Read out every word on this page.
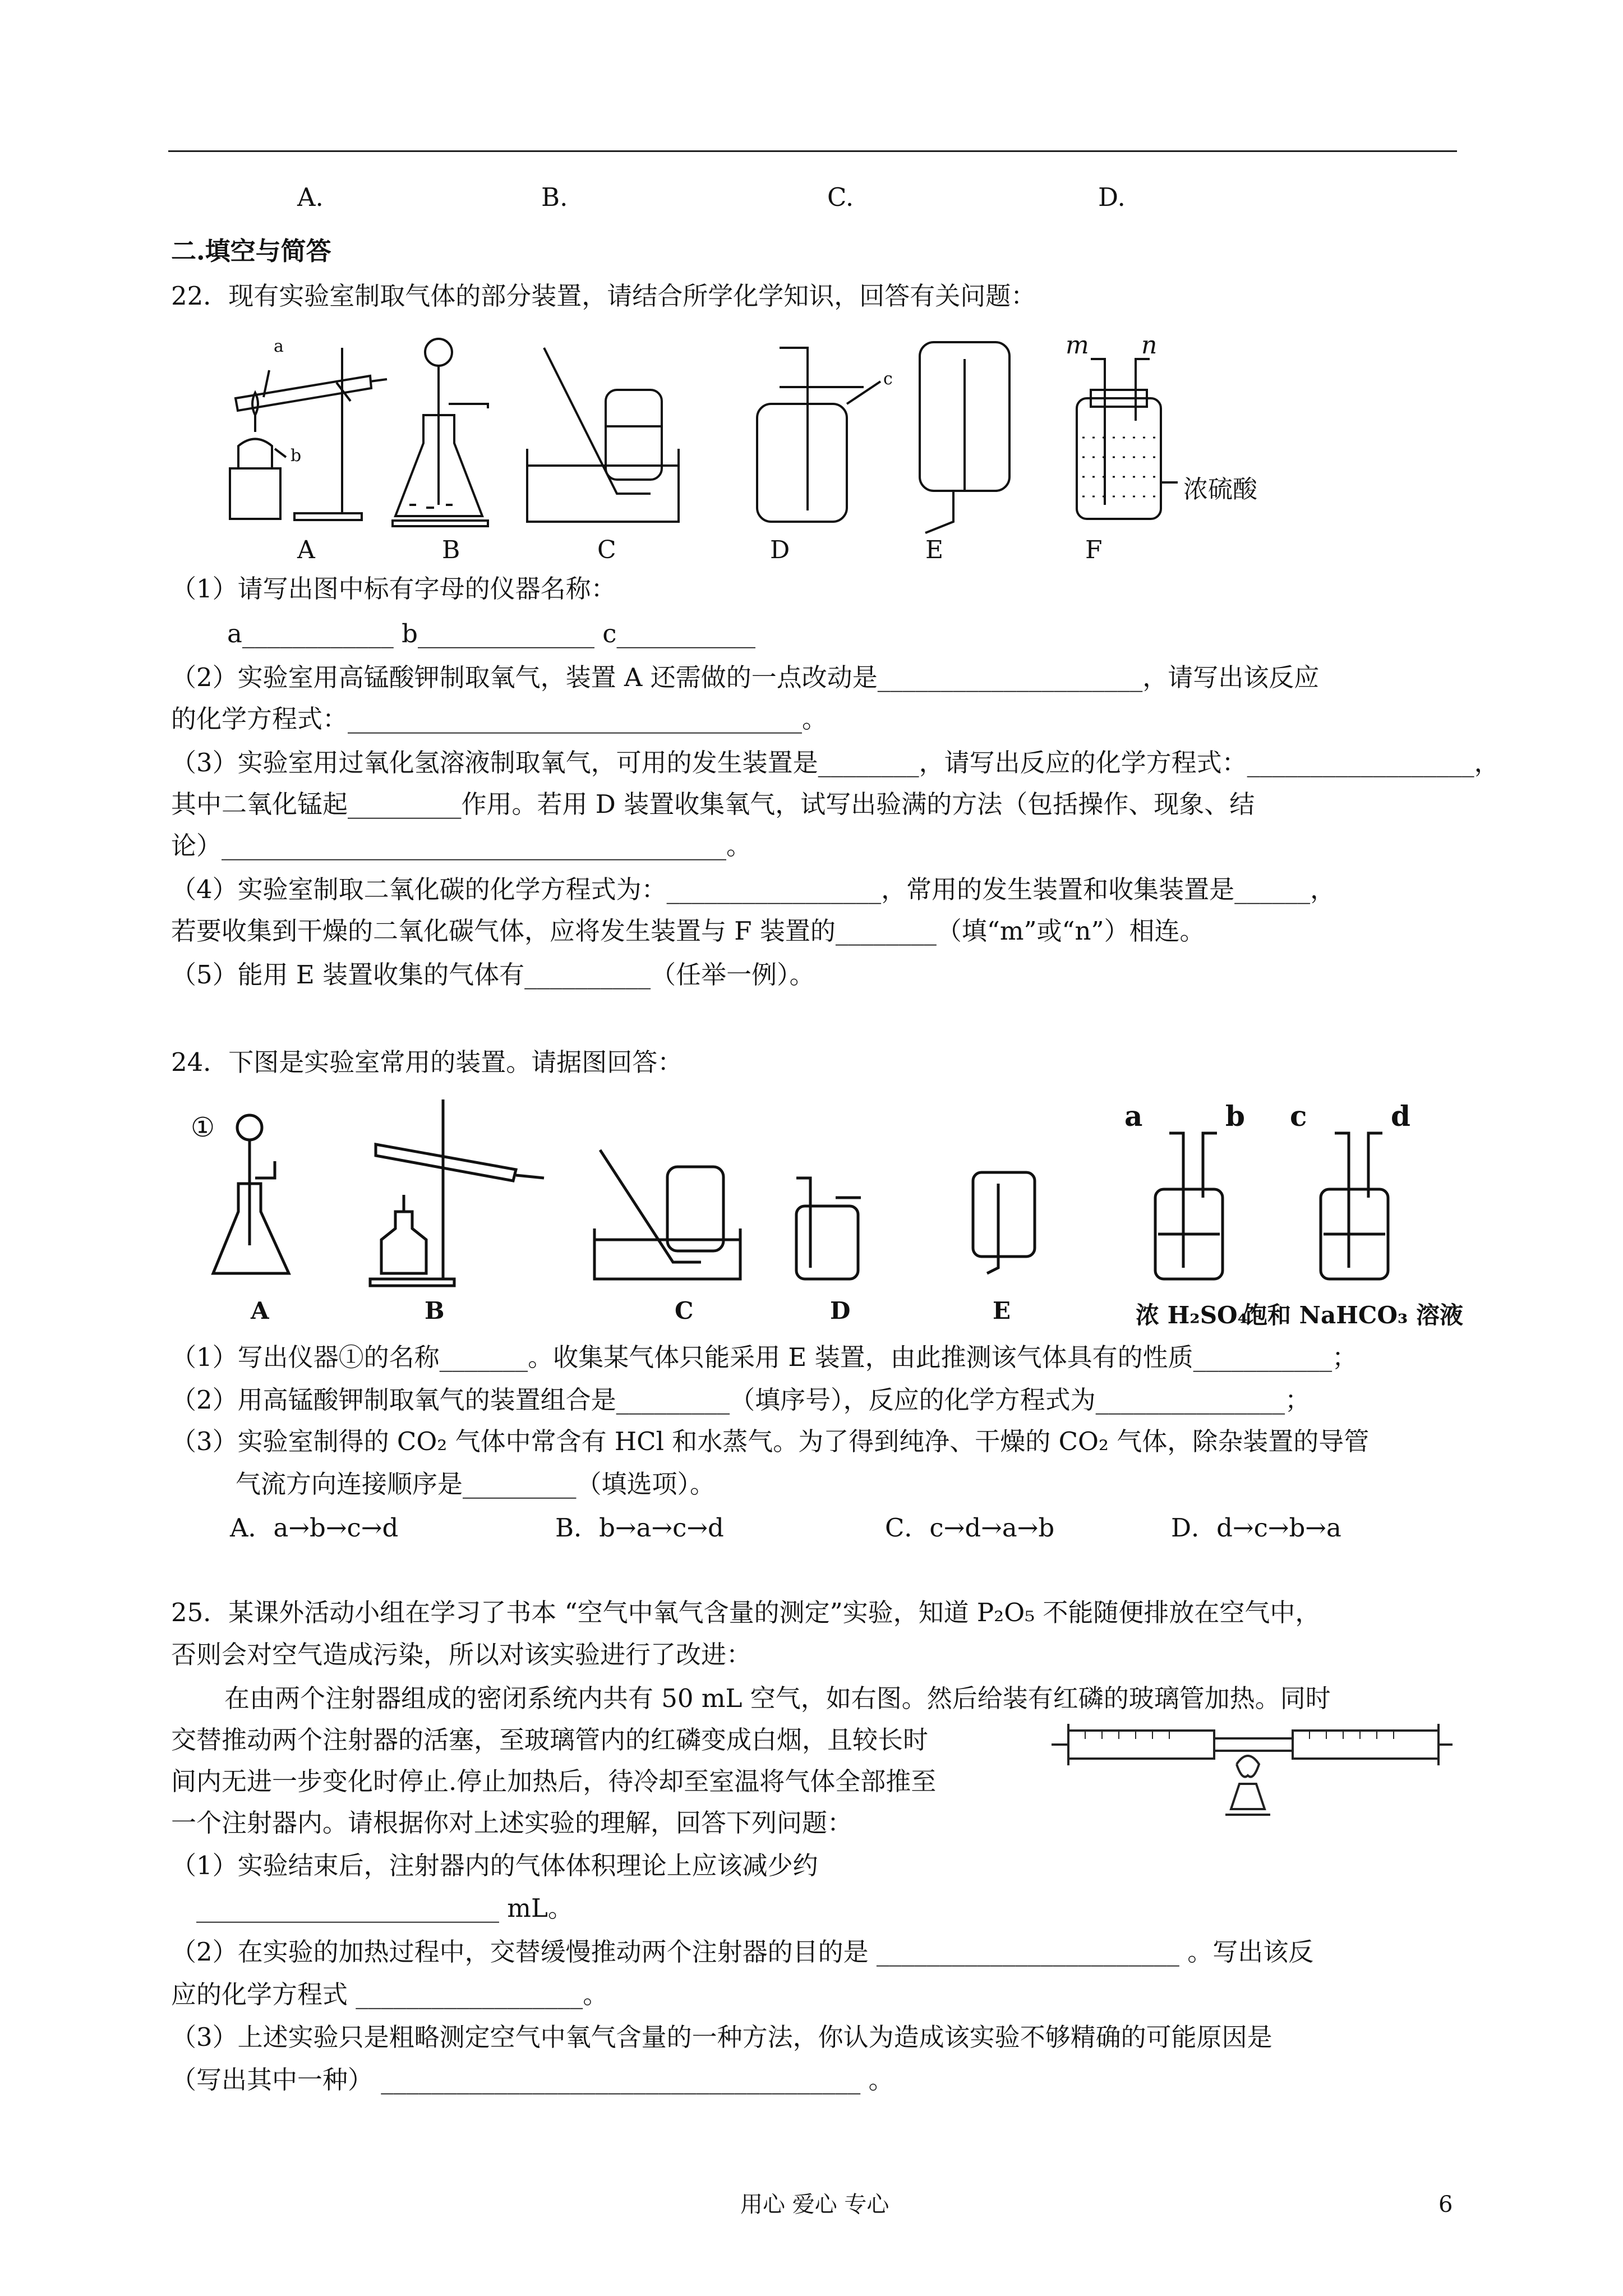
A.	B.	C.	D.
二.填空与简答
22．现有实验室制取气体的部分装置，请结合所学化学知识，回答有关问题：
a
b
c
m n
浓硫酸
A	B	C	D	E	F
（1）请写出图中标有字母的仪器名称：
a____________ b______________ c___________
（2）实验室用高锰酸钾制取氧气，装置 A 还需做的一点改动是_____________________，请写出该反应
的化学方程式：____________________________________。
（3）实验室用过氧化氢溶液制取氧气，可用的发生装置是________，请写出反应的化学方程式：__________________，
其中二氧化锰起_________作用。若用 D 装置收集氧气，试写出验满的方法（包括操作、现象、结
论）________________________________________。
（4）实验室制取二氧化碳的化学方程式为：_________________，常用的发生装置和收集装置是______，
若要收集到干燥的二氧化碳气体，应将发生装置与 F 装置的________（填“m”或“n”）相连。
（5）能用 E 装置收集的气体有__________（任举一例）。
24．下图是实验室常用的装置。请据图回答：
①	a	b c	d
A	B	C	D	E	浓 H₂SO₄
饱和 NaHCO₃ 溶液
（1）写出仪器①的名称_______。收集某气体只能采用 E 装置，由此推测该气体具有的性质___________；
（2）用高锰酸钾制取氧气的装置组合是_________（填序号），反应的化学方程式为_______________；
（3）实验室制得的 CO₂ 气体中常含有 HCl 和水蒸气。为了得到纯净、干燥的 CO₂ 气体，除杂装置的导管
气流方向连接顺序是_________（填选项）。
A．a→b→c→d	B．b→a→c→d	C．c→d→a→b	D．d→c→b→a
25．某课外活动小组在学习了书本 “空气中氧气含量的测定”实验，知道 P₂O₅ 不能随便排放在空气中，
否则会对空气造成污染，所以对该实验进行了改进：
在由两个注射器组成的密闭系统内共有 50 mL 空气，如右图。然后给装有红磷的玻璃管加热。同时
交替推动两个注射器的活塞，至玻璃管内的红磷变成白烟，且较长时
间内无进一步变化时停止.停止加热后，待冷却至室温将气体全部推至
一个注射器内。请根据你对上述实验的理解，回答下列问题：
（1）实验结束后，注射器内的气体体积理论上应该减少约
________________________ mL。
（2）在实验的加热过程中，交替缓慢推动两个注射器的目的是 ________________________ 。写出该反
应的化学方程式 __________________。
（3）上述实验只是粗略测定空气中氧气含量的一种方法，你认为造成该实验不够精确的可能原因是
（写出其中一种） ______________________________________ 。
用心 爱心 专心	6
